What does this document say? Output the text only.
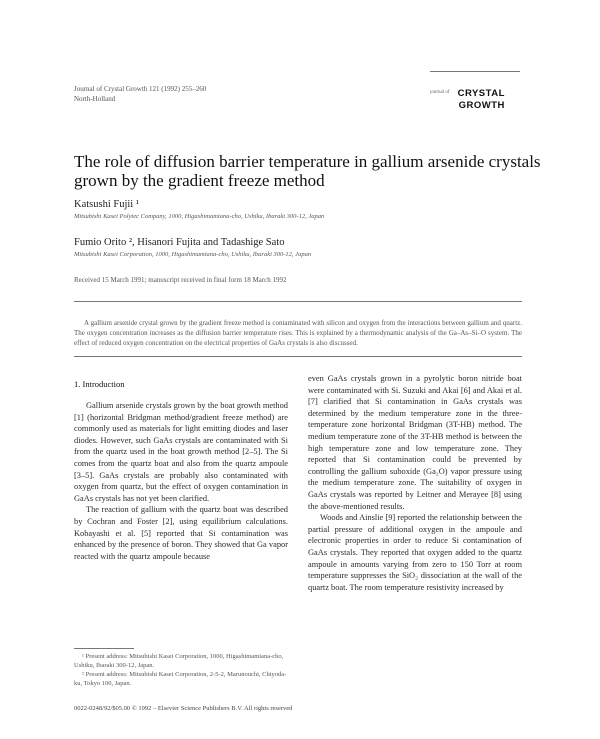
Journal of Crystal Growth 121 (1992) 255–260
North-Holland
journal of CRYSTAL
GROWTH
The role of diffusion barrier temperature in gallium arsenide crystals grown by the gradient freeze method
Katsushi Fujii ¹
Mitsubishi Kasei Polytec Company, 1000, Higashimamiana-cho, Ushiku, Ibaraki 300-12, Japan
Fumio Orito ², Hisanori Fujita and Tadashige Sato
Mitsubishi Kasei Corporation, 1000, Higashimamiana-cho, Ushiku, Ibaraki 300-12, Japan
Received 15 March 1991; manuscript received in final form 18 March 1992
A gallium arsenide crystal grown by the gradient freeze method is contaminated with silicon and oxygen from the interactions between gallium and quartz. The oxygen concentration increases as the diffusion barrier temperature rises. This is explained by a thermodynamic analysis of the Ga–As–Si–O system. The effect of reduced oxygen concentration on the electrical properties of GaAs crystals is also discussed.
1. Introduction

Gallium arsenide crystals grown by the boat growth method [1] (horizontal Bridgman method/gradient freeze method) are commonly used as materials for light emitting diodes and laser diodes. However, such GaAs crystals are contaminated with Si from the quartz used in the boat growth method [2–5]. The Si comes from the quartz boat and also from the quartz ampoule [3–5]. GaAs crystals are probably also contaminated with oxygen from quartz, but the effect of oxygen contamination in GaAs crystals has not yet been clarified.

The reaction of gallium with the quartz boat was described by Cochran and Foster [2], using equilibrium calculations. Kobayashi et al. [5] reported that Si contamination was enhanced by the presence of boron. They showed that Ga vapor reacted with the quartz ampoule because

even GaAs crystals grown in a pyrolytic boron nitride boat were contaminated with Si. Suzuki and Akai [6] and Akai et al. [7] clarified that Si contamination in GaAs crystals was determined by the medium temperature zone in the three-temperature zone horizontal Bridgman (3T-HB) method. The medium temperature zone of the 3T-HB method is between the high temperature zone and low temperature zone. They reported that Si contamination could be prevented by controlling the gallium suboxide (Ga₂O) vapor pressure using the medium temperature zone. The suitability of oxygen in GaAs crystals was reported by Leitner and Merayee [8] using the above-mentioned results.

Woods and Ainslie [9] reported the relationship between the partial pressure of additional oxygen in the ampoule and electronic properties in order to reduce Si contamination of GaAs crystals. They reported that oxygen added to the quartz ampoule in amounts varying from zero to 150 Torr at room temperature suppresses the SiO₂ dissociation at the wall of the quartz boat. The room temperature resistivity increased by

¹ Present address: Mitsubishi Kasei Corporation, 1000, Higashimamiana-cho, Ushiku, Ibaraki 300-12, Japan.

² Present address: Mitsubishi Kasei Corporation, 2-5-2, Marunouchi, Chiyoda-ku, Tokyo 100, Japan.

0022-0248/92/$05.00 © 1992 – Elsevier Science Publishers B.V. All rights reserved
